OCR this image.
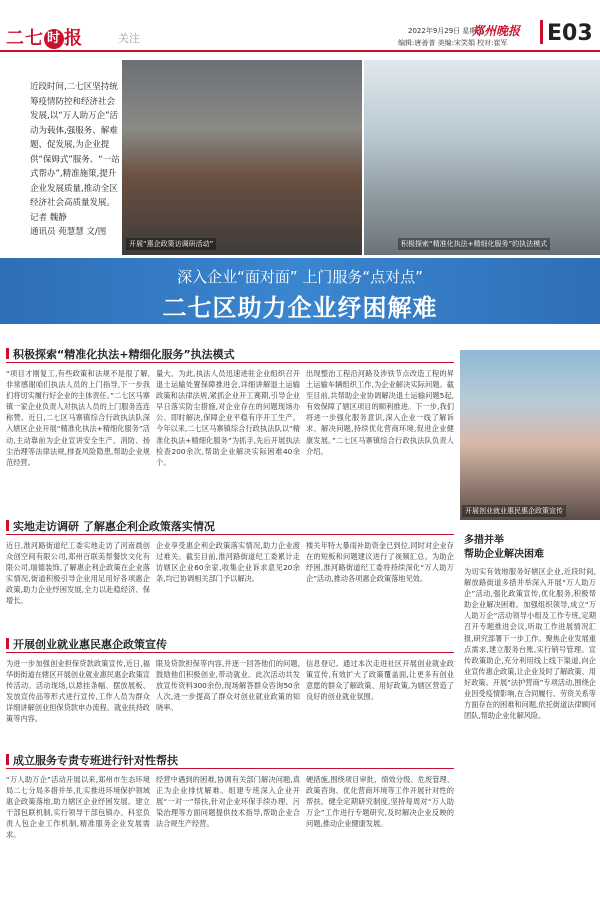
二七 时 报	关注
2022年9月29日 星期四
郑州晚报
编辑:唐善普 美编:宋笑娟 校对:崔军	E03
近段时间,二七区坚持统筹疫情防控和经济社会发展,以“万人助万企”活动为载体,强服务、解难题、促发展,为企业提供“保姆式”服务、“一站式帮办”,精准施策,提升企业发展质量,推动全区经济社会高质量发展。
记者 魏静
通讯员 苑慧慧 文/图
开展“惠企政策访调研活动”	积极探索“精准化执法+精细化服务”的执法模式
深入企业“面对面” 上门服务“点对点”
二七区助力企业纾困解难
积极探索“精准化执法+精细化服务”执法模式
“项目才刚复工,有些政策和法规不是很了解,非常感谢咱们执法人员的上门指导,下一步我们将切实履行好企业的主体责任。”二七区马寨镇一家企业负责人对执法人员的上门服务连连称赞。近日,二七区马寨镇综合行政执法队深入辖区企业开展“精准化执法+精细化服务”活动,主动靠前为企业宣讲安全生产、消防、扬尘治理等法律法规,排查风险隐患,帮助企业规范经营。
量大、为此,执法人员迅速进驻企业组织召开退土运输处置保障推进会,详细讲解退土运输政策和法律法规,紧抓企业开工赛期,引导企业早日落实防尘措施,对企业存在的问题现场办公、即时解决,保障企业平稳有序开工生产。今年以来,二七区马寨镇综合行政执法队以“精准化执法+精细化服务”为抓手,先后开展执法检查200余次,帮助企业解决实际困难40余个。
出现整治工程沿河路及涉铁节点改造工程的昇土运输车辆组织工作,为企业解决实际问题。截至目前,共帮助企业协调解决退土运输问题5起,有效保障了辖区项目的顺利推进。下一步,我们将进一步强化服务意识,深入企业一线了解诉求、解决问题,持续优化营商环境,促进企业健康发展。”二七区马寨镇综合行政执法队负责人介绍。
开展创业就业惠民惠企政策宣传
实地走访调研 了解惠企利企政策落实情况
近日,淮河路街道纪工委实地走访了河南晨创众创空间有限公司,郑州百联美帮餐饮文化有限公司,瑞德装饰,了解惠企利企政策在企业落实情况,街道积极引导企业用足用好各项惠企政策,助力企业纾困发展,全力以赴稳经济、保增长。
企业享受惠企利企政策落实情况,助力企业渡过难关。截至目前,淮河路街道纪工委累计走访辖区企业60余家,收集企业诉求意见20余条,均已协调相关部门予以解决。
楼关年特大暴雨补助资金已到位,同时对企业存在的短板和问题建议进行了视频汇总。为助企纾困,淮河路街道纪工委将持续深化“万人助万企”活动,推动各项惠企政策落地见效。
开展创业就业惠民惠企政策宣传
为进一步加强创业担保贷款政策宣传,近日,福华街街道在辖区开展创业就业惠民惠企政策宣传活动。活动现场,以悬挂条幅、摆放展板、发放宣传品等形式进行宣传,工作人员为群众详细讲解创业担保贷款申办流程、就业扶持政策等内容。
限及贷款担保等内容,并逐一回答他们的问题,鼓励他们积极创业,带动就业。此次活动共发放宣传资料300余份,现场解答群众咨询50余人次,进一步提高了群众对创业就业政策的知晓率。
信息登记。通过本次走进社区开展创业就业政策宣传,有效扩大了政策覆盖面,让更多有创业意愿的群众了解政策、用好政策,为辖区营造了良好的创业就业氛围。
成立服务专责专班进行针对性帮扶
“万人助万企”活动开展以来,郑州市生态环境局二七分局多措并举,扎实推进环境保护领域惠企政策落地,助力辖区企业纾困发展。建立干部包联机制,实行领导干部包镇办、科室负责人包企业工作机制,精准服务企业发展需求。
经营中遇到的困难,协调有关部门解决问题,真正为企业排忧解难。组建专班深入企业开展“一对一”帮扶,针对企业环保手续办理、污染治理等方面问题提供技术指导,帮助企业合法合规生产经营。
硬措施,围绕项目审批、绩效分级、危废管理、政策咨询、优化营商环境等工作开展针对性的帮扶。健全定期研究制度,坚持每周对“万人助万企”工作进行专题研究,及时解决企业反映的问题,推动企业健康发展。
多措并举
帮助企业解决困难
为切实有效地服务好辖区企业,近段时间,解放路街道多措并举深入开展“万人助万企”活动,强化政策宣传,优化服务,积极帮助企业解决困难。加强组织领导,成立“万人助万企”活动领导小组及工作专班,定期召开专题推进会议,听取工作进展情况汇报,研究部署下一步工作。聚焦企业发展重点需求,建立服务台账,实行销号管理。宣传政策助企,充分利用线上线下渠道,向企业宣传惠企政策,让企业及时了解政策、用好政策。开展“法护营商”专项活动,围绕企业因受疫情影响,在合同履行、劳资关系等方面存在的困难和问题,依托街道法律顾问团队,帮助企业化解风险。
